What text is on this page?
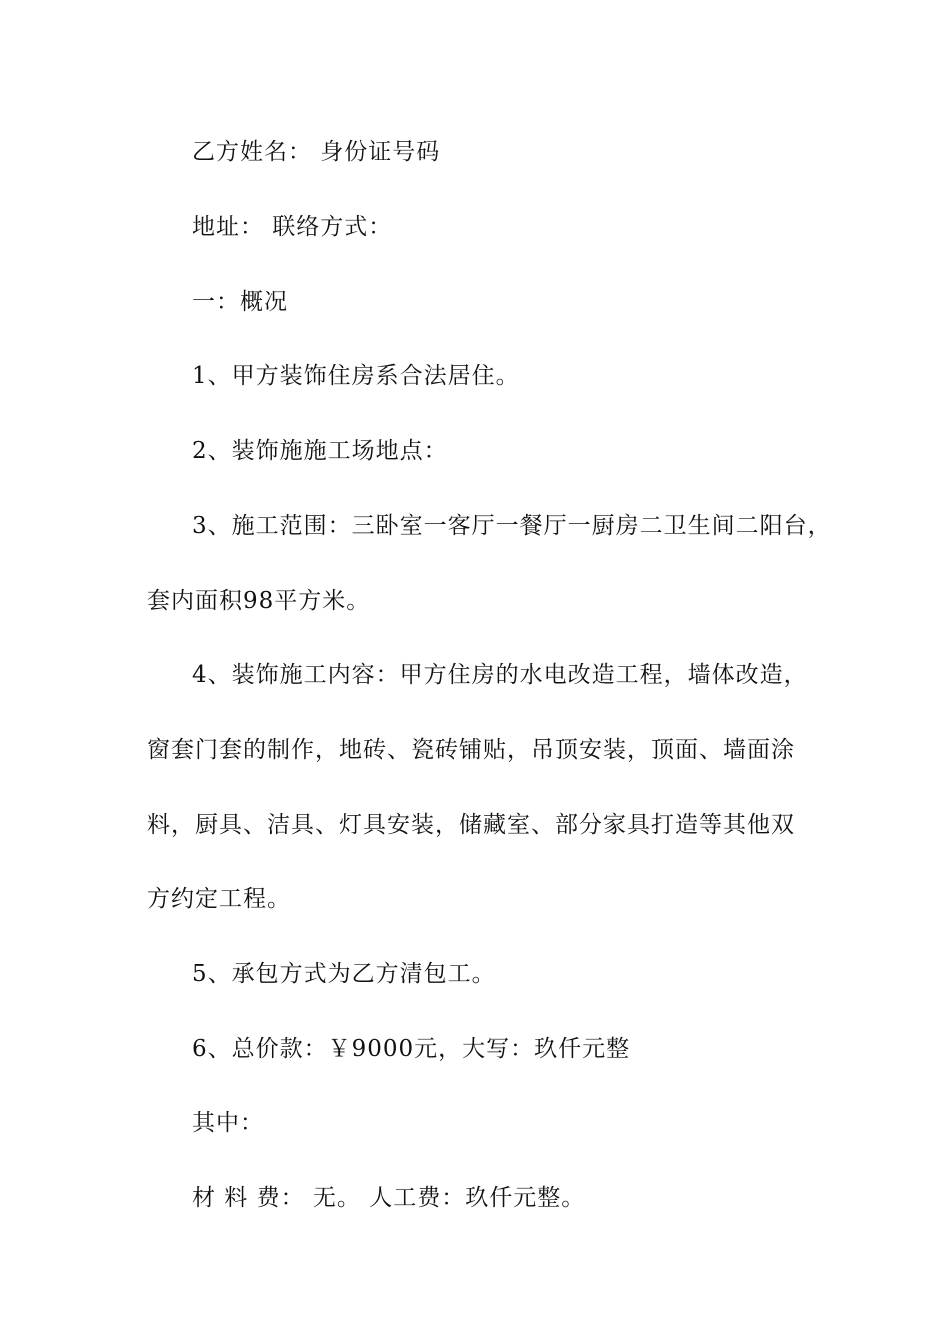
乙方姓名： 身份证号码
地址： 联络方式：
一：概况
1、甲方装饰住房系合法居住。
2、装饰施施工场地点：
3、施工范围：三卧室一客厅一餐厅一厨房二卫生间二阳台，
套内面积98平方米。
4、装饰施工内容：甲方住房的水电改造工程，墙体改造，
窗套门套的制作，地砖、瓷砖铺贴，吊顶安装，顶面、墙面涂
料，厨具、洁具、灯具安装，储藏室、部分家具打造等其他双
方约定工程。
5、承包方式为乙方清包工。
6、总价款：￥9000元，大写：玖仟元整
其中：
材 料 费： 无。 人工费：玖仟元整。
